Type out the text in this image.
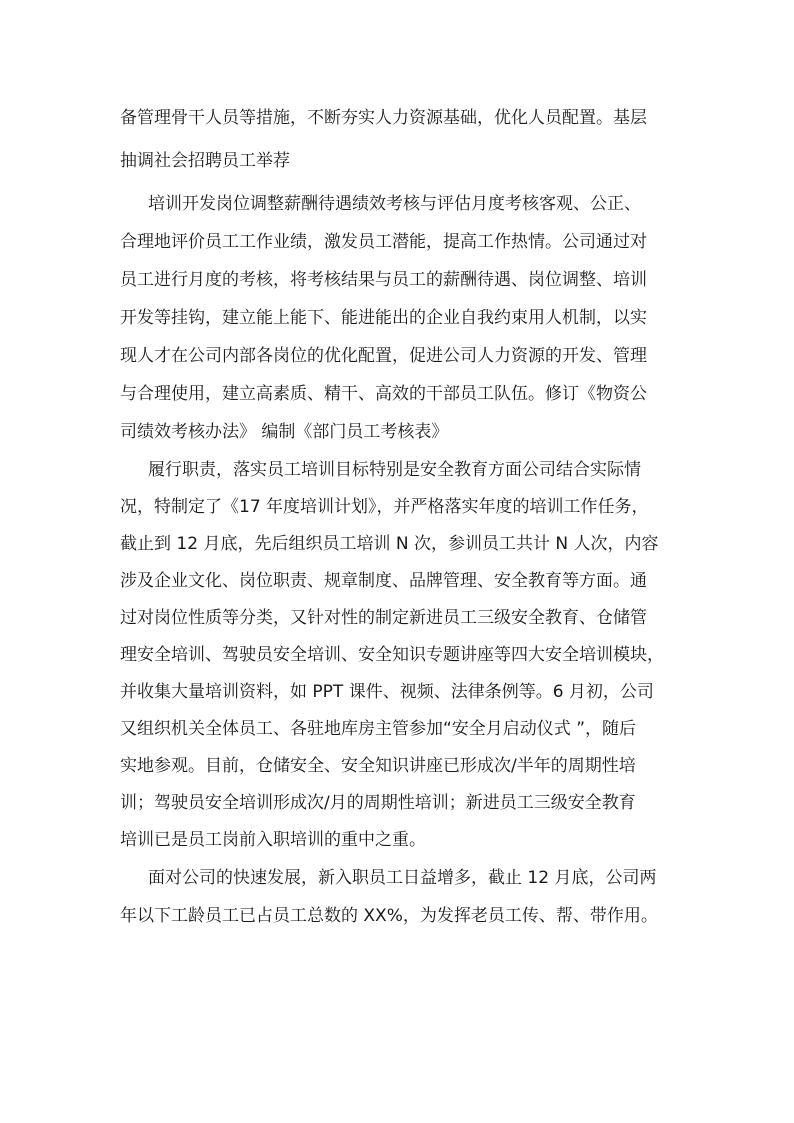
备管理骨干人员等措施，不断夯实人力资源基础，优化人员配置。基层
抽调社会招聘员工举荐
培训开发岗位调整薪酬待遇绩效考核与评估月度考核客观、公正、
合理地评价员工工作业绩，激发员工潜能，提高工作热情。公司通过对
员工进行月度的考核，将考核结果与员工的薪酬待遇、岗位调整、培训
开发等挂钩，建立能上能下、能进能出的企业自我约束用人机制，以实
现人才在公司内部各岗位的优化配置，促进公司人力资源的开发、管理
与合理使用，建立高素质、精干、高效的干部员工队伍。修订《物资公
司绩效考核办法》 编制《部门员工考核表》
履行职责，落实员工培训目标特别是安全教育方面公司结合实际情
况，特制定了《17 年度培训计划》，并严格落实年度的培训工作任务，
截止到 12 月底，先后组织员工培训 N 次，参训员工共计 N 人次，内容
涉及企业文化、岗位职责、规章制度、品牌管理、安全教育等方面。通
过对岗位性质等分类，又针对性的制定新进员工三级安全教育、仓储管
理安全培训、驾驶员安全培训、安全知识专题讲座等四大安全培训模块，
并收集大量培训资料，如 PPT 课件、视频、法律条例等。6 月初，公司
又组织机关全体员工、各驻地库房主管参加“安全月启动仪式 ”，随后
实地参观。目前，仓储安全、安全知识讲座已形成次/半年的周期性培
训；驾驶员安全培训形成次/月的周期性培训；新进员工三级安全教育
培训已是员工岗前入职培训的重中之重。
面对公司的快速发展，新入职员工日益增多，截止 12 月底，公司两
年以下工龄员工已占员工总数的 XX%，为发挥老员工传、帮、带作用。
